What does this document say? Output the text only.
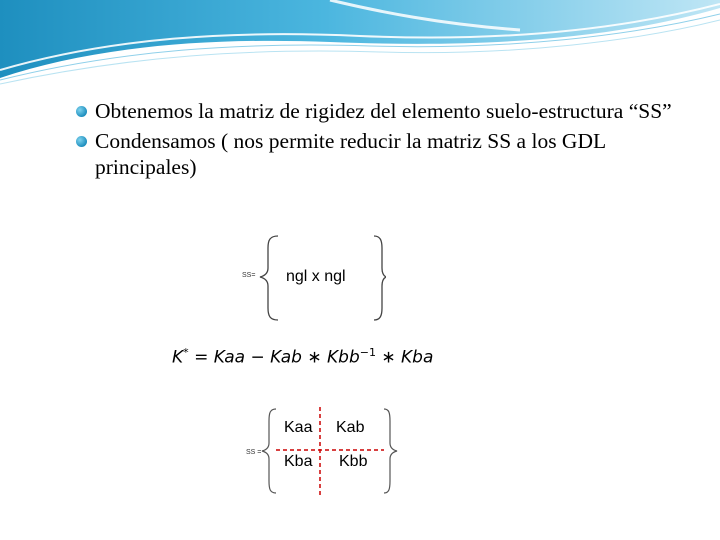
Obtenemos la matriz de rigidez del elemento suelo-estructura “SS”
Condensamos ( nos permite reducir la matriz SS a los GDL principales)
SS= ngl x ngl
K* = Kaa − Kab ∗ Kbb$^{-1}$ ∗ Kba
SS =
Kaa Kab
Kba Kbb
